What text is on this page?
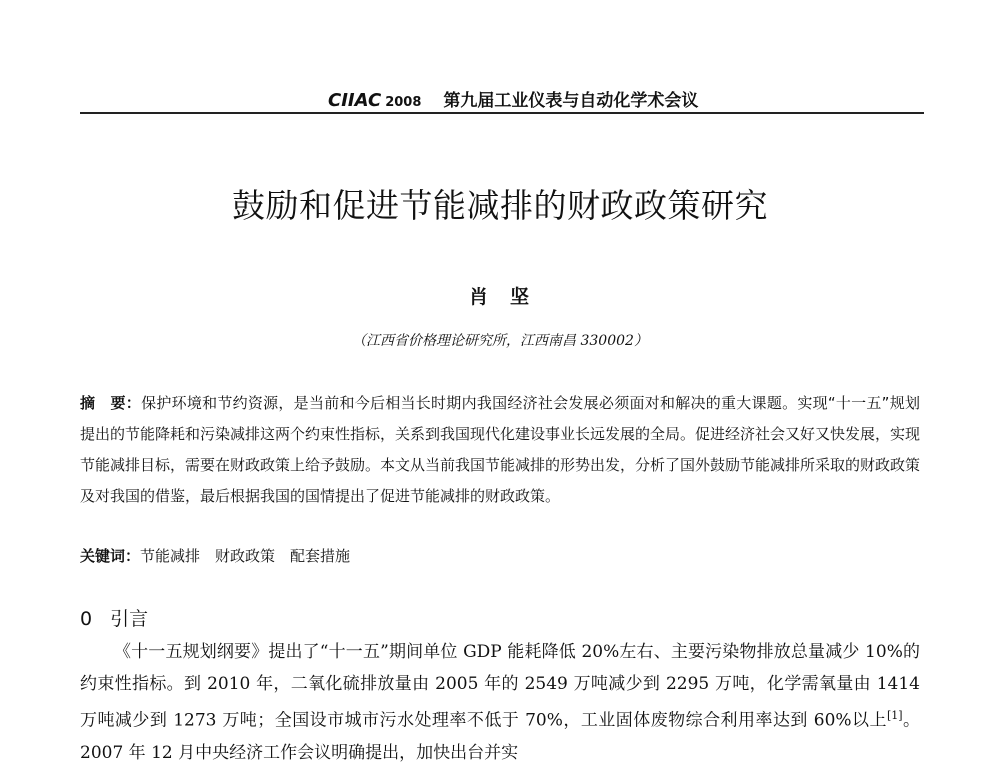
CIIAC 2008 第九届工业仪表与自动化学术会议
鼓励和促进节能减排的财政政策研究
肖坚
（江西省价格理论研究所，江西南昌 330002）
摘　要：保护环境和节约资源，是当前和今后相当长时期内我国经济社会发展必须面对和解决的重大课题。实现“十一五”规划提出的节能降耗和污染减排这两个约束性指标，关系到我国现代化建设事业长远发展的全局。促进经济社会又好又快发展，实现节能减排目标，需要在财政政策上给予鼓励。本文从当前我国节能减排的形势出发，分析了国外鼓励节能减排所采取的财政政策及对我国的借鉴，最后根据我国的国情提出了促进节能减排的财政政策。
关键词：节能减排　财政政策　配套措施
0 引言
《十一五规划纲要》提出了“十一五”期间单位 GDP 能耗降低 20%左右、主要污染物排放总量减少 10%的约束性指标。到 2010 年，二氧化硫排放量由 2005 年的 2549 万吨减少到 2295 万吨，化学需氧量由 1414 万吨减少到 1273 万吨；全国设市城市污水处理率不低于 70%，工业固体废物综合利用率达到 60%以上[1]。2007 年 12 月中央经济工作会议明确提出，加快出台并实
